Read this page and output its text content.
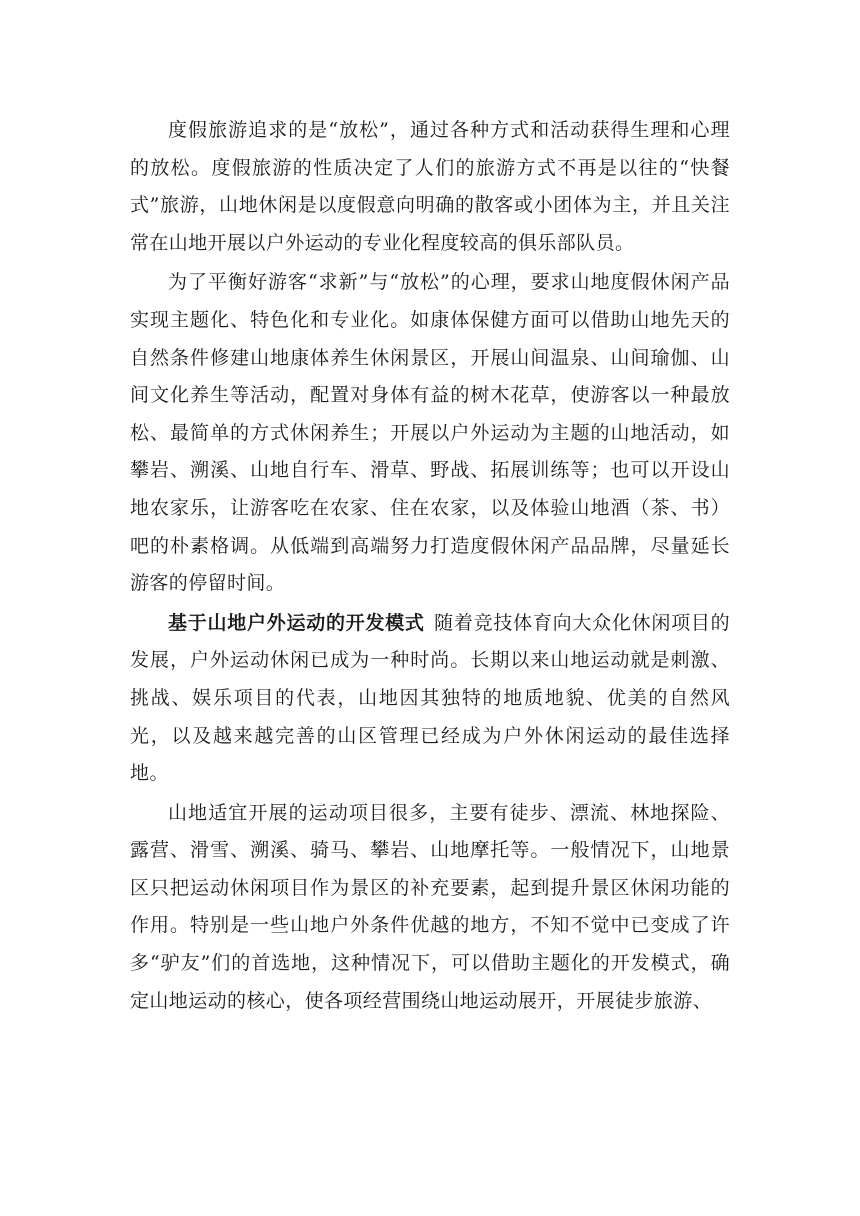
度假旅游追求的是“放松”，通过各种方式和活动获得生理和心理的放松。度假旅游的性质决定了人们的旅游方式不再是以往的“快餐式”旅游，山地休闲是以度假意向明确的散客或小团体为主，并且关注常在山地开展以户外运动的专业化程度较高的俱乐部队员。

为了平衡好游客“求新”与“放松”的心理，要求山地度假休闲产品实现主题化、特色化和专业化。如康体保健方面可以借助山地先天的自然条件修建山地康体养生休闲景区，开展山间温泉、山间瑜伽、山间文化养生等活动，配置对身体有益的树木花草，使游客以一种最放松、最简单的方式休闲养生；开展以户外运动为主题的山地活动，如攀岩、溯溪、山地自行车、滑草、野战、拓展训练等；也可以开设山地农家乐，让游客吃在农家、住在农家，以及体验山地酒（茶、书）吧的朴素格调。从低端到高端努力打造度假休闲产品品牌，尽量延长游客的停留时间。

基于山地户外运动的开发模式 随着竞技体育向大众化休闲项目的发展，户外运动休闲已成为一种时尚。长期以来山地运动就是刺激、挑战、娱乐项目的代表，山地因其独特的地质地貌、优美的自然风光，以及越来越完善的山区管理已经成为户外休闲运动的最佳选择地。

山地适宜开展的运动项目很多，主要有徒步、漂流、林地探险、露营、滑雪、溯溪、骑马、攀岩、山地摩托等。一般情况下，山地景区只把运动休闲项目作为景区的补充要素，起到提升景区休闲功能的作用。特别是一些山地户外条件优越的地方，不知不觉中已变成了许多“驴友”们的首选地，这种情况下，可以借助主题化的开发模式，确定山地运动的核心，使各项经营围绕山地运动展开，开展徒步旅游、
